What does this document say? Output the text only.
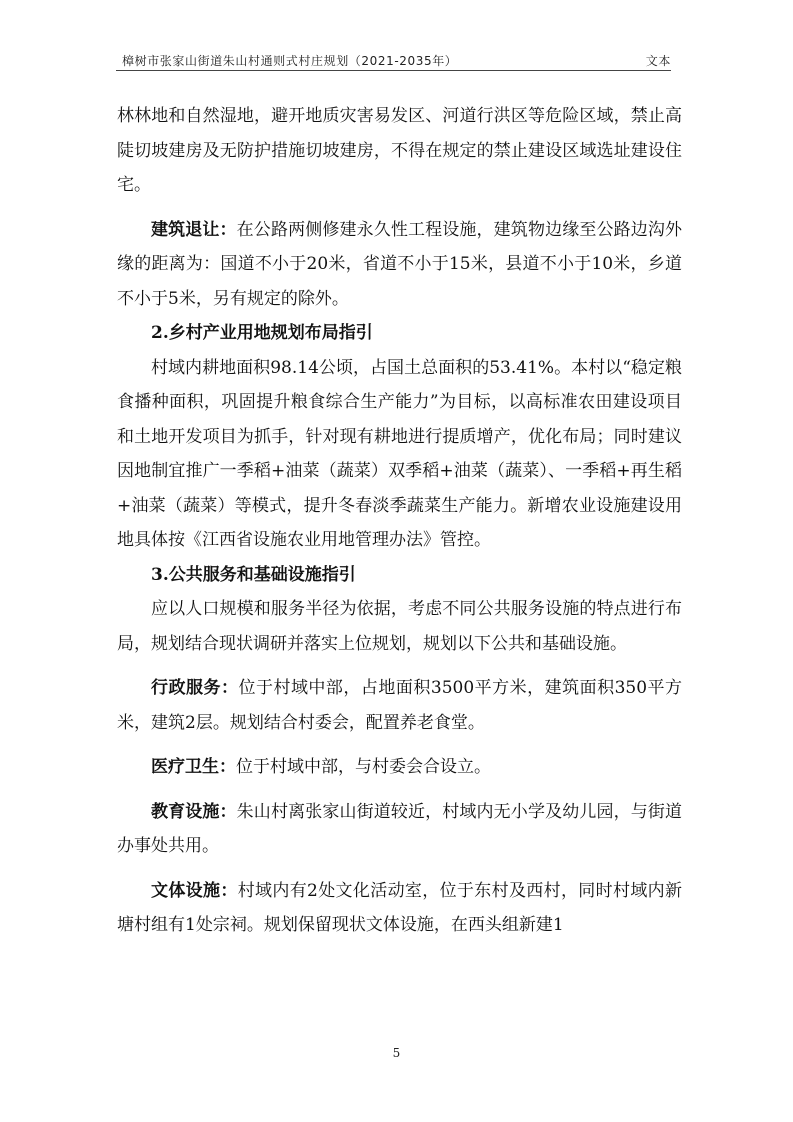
樟树市张家山街道朱山村通则式村庄规划（2021-2035年）	文本

林林地和自然湿地，避开地质灾害易发区、河道行洪区等危险区域，禁止高陡切坡建房及无防护措施切坡建房，不得在规定的禁止建设区域选址建设住宅。

建筑退让：在公路两侧修建永久性工程设施，建筑物边缘至公路边沟外缘的距离为：国道不小于20米，省道不小于15米，县道不小于10米，乡道不小于5米，另有规定的除外。

2.乡村产业用地规划布局指引

村域内耕地面积98.14公顷，占国土总面积的53.41%。本村以“稳定粮食播种面积，巩固提升粮食综合生产能力”为目标，以高标准农田建设项目和土地开发项目为抓手，针对现有耕地进行提质增产，优化布局；同时建议因地制宜推广一季稻+油菜（蔬菜）双季稻+油菜（蔬菜）、一季稻+再生稻+油菜（蔬菜）等模式，提升冬春淡季蔬菜生产能力。新增农业设施建设用地具体按《江西省设施农业用地管理办法》管控。

3.公共服务和基础设施指引

应以人口规模和服务半径为依据，考虑不同公共服务设施的特点进行布局，规划结合现状调研并落实上位规划，规划以下公共和基础设施。

行政服务：位于村域中部，占地面积3500平方米，建筑面积350平方米，建筑2层。规划结合村委会，配置养老食堂。

医疗卫生：位于村域中部，与村委会合设立。

教育设施：朱山村离张家山街道较近，村域内无小学及幼儿园，与街道办事处共用。

文体设施：村域内有2处文化活动室，位于东村及西村，同时村域内新塘村组有1处宗祠。规划保留现状文体设施，在西头组新建1

5
